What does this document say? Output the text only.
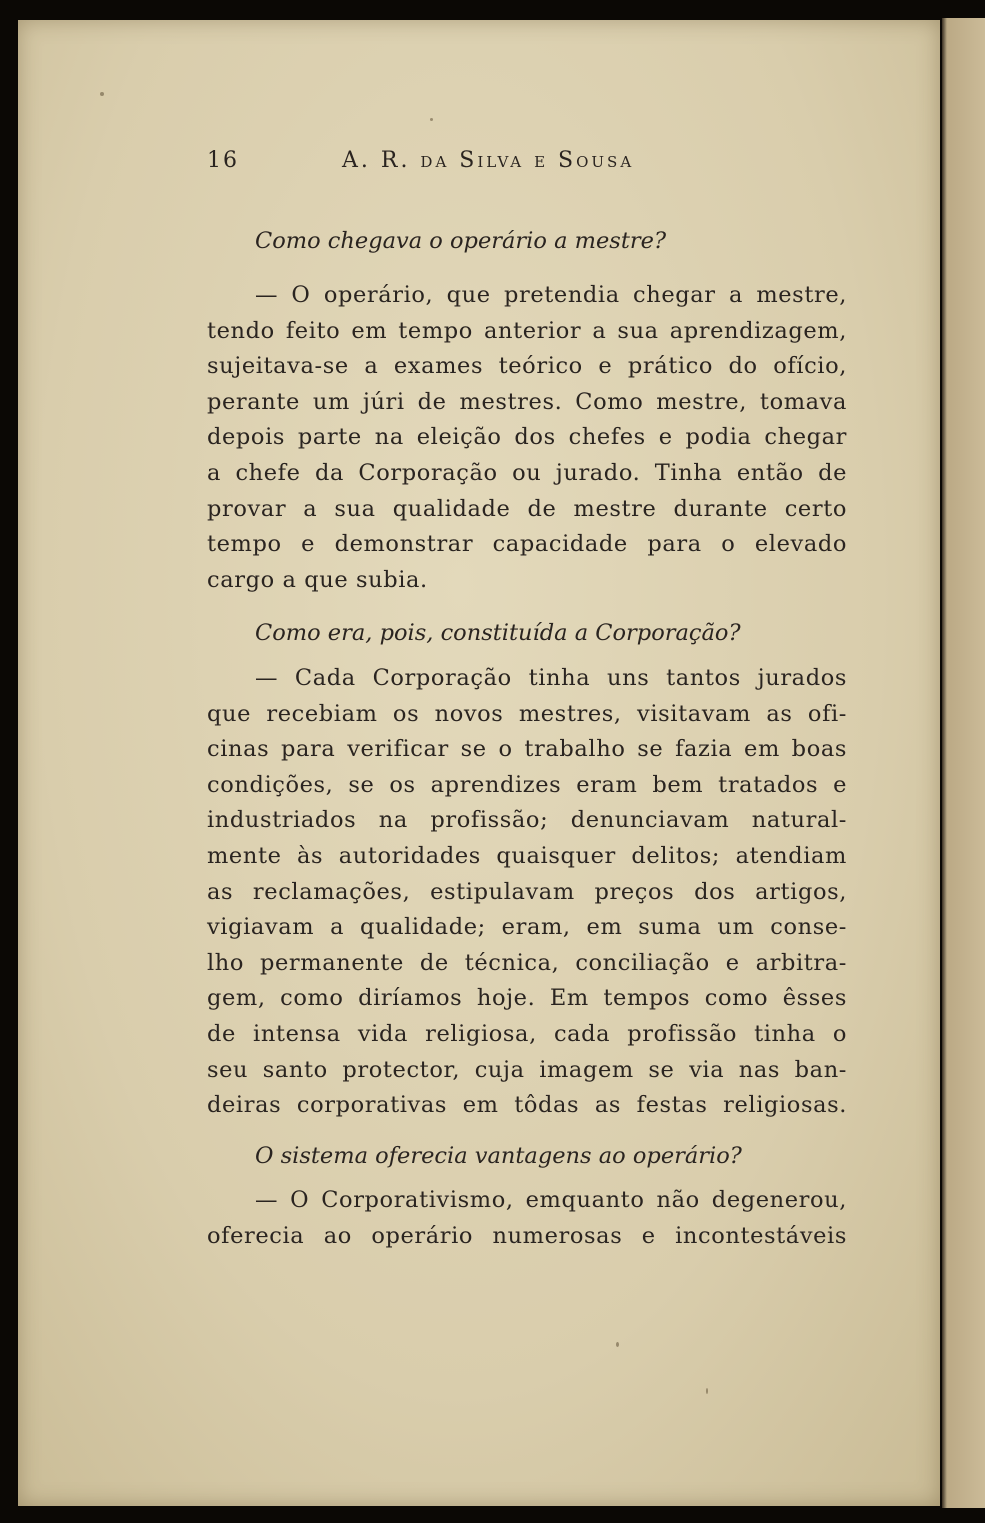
16	A. R. da Silva e Sousa
Como chegava o operário a mestre?
— O operário, que pretendia chegar a mestre,
tendo feito em tempo anterior a sua aprendizagem,
sujeitava-se a exames teórico e prático do ofício,
perante um júri de mestres. Como mestre, tomava
depois parte na eleição dos chefes e podia chegar
a chefe da Corporação ou jurado. Tinha então de
provar a sua qualidade de mestre durante certo
tempo e demonstrar capacidade para o elevado
cargo a que subia.
Como era, pois, constituída a Corporação?
— Cada Corporação tinha uns tantos jurados
que recebiam os novos mestres, visitavam as ofi-
cinas para verificar se o trabalho se fazia em boas
condições, se os aprendizes eram bem tratados e
industriados na profissão; denunciavam natural-
mente às autoridades quaisquer delitos; atendiam
as reclamações, estipulavam preços dos artigos,
vigiavam a qualidade; eram, em suma um conse-
lho permanente de técnica, conciliação e arbitra-
gem, como diríamos hoje. Em tempos como êsses
de intensa vida religiosa, cada profissão tinha o
seu santo protector, cuja imagem se via nas ban-
deiras corporativas em tôdas as festas religiosas.
O sistema oferecia vantagens ao operário?
— O Corporativismo, emquanto não degenerou,
oferecia ao operário numerosas e incontestáveis
